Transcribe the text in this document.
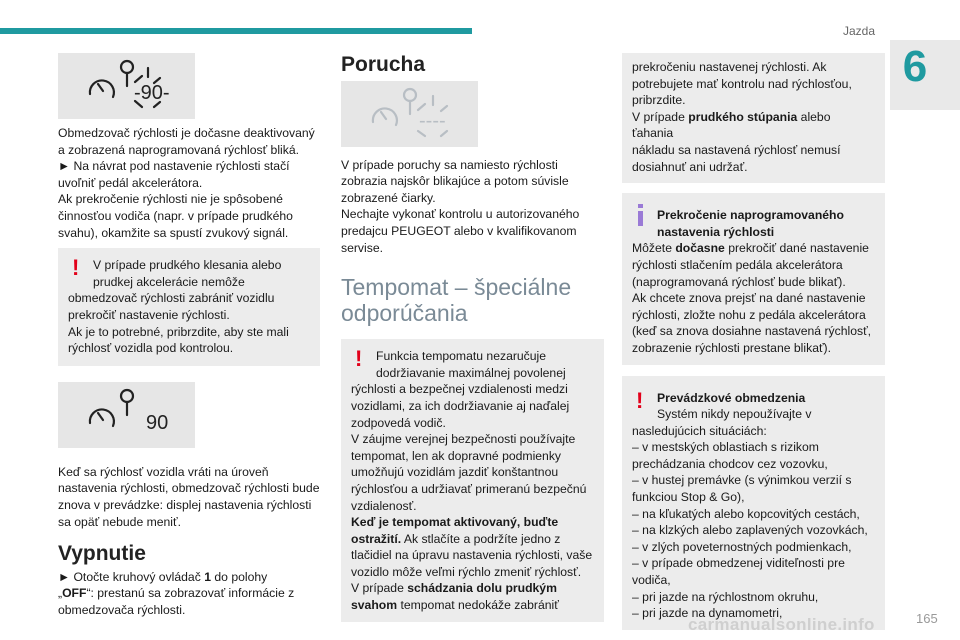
Jazda
6
-90-

Obmedzovač rýchlosti je dočasne deaktivovaný

a zobrazená naprogramovaná rýchlosť bliká.

► Na návrat pod nastavenie rýchlosti stačí

uvoľniť pedál akcelerátora.

Ak prekročenie rýchlosti nie je spôsobené

činnosťou vodiča (napr. v prípade prudkého

svahu), okamžite sa spustí zvukový signál.

!	V prípade prudkého klesania alebo

prudkej akcelerácie nemôže

obmedzovač rýchlosti zabrániť vozidlu

prekročiť nastavenie rýchlosti.

Ak je to potrebné, pribrzdite, aby ste mali

rýchlosť vozidla pod kontrolou.

90

Keď sa rýchlosť vozidla vráti na úroveň

nastavenia rýchlosti, obmedzovač rýchlosti bude

znova v prevádzke: displej nastavenia rýchlosti

sa opäť nebude meniť.

Vypnutie

► Otočte kruhový ovládač 1 do polohy

„OFF“: prestanú sa zobrazovať informácie z

obmedzovača rýchlosti.

Porucha
----

V prípade poruchy sa namiesto rýchlosti

zobrazia najskôr blikajúce a potom súvisle

zobrazené čiarky.

Nechajte vykonať kontrolu u autorizovaného

predajcu PEUGEOT alebo v kvalifikovanom

servise.

Tempomat – špeciálne
odporúčania
!	Funkcia tempomatu nezaručuje

dodržiavanie maximálnej povolenej

rýchlosti a bezpečnej vzdialenosti medzi

vozidlami, za ich dodržiavanie aj naďalej

zodpovedá vodič.

V záujme verejnej bezpečnosti používajte

tempomat, len ak dopravné podmienky

umožňujú vozidlám jazdiť konštantnou

rýchlosťou a udržiavať primeranú bezpečnú

vzdialenosť.

Keď je tempomat aktivovaný, buďte

ostražití. Ak stlačíte a podržíte jedno z

tlačidiel na úpravu nastavenia rýchlosti, vaše

vozidlo môže veľmi rýchlo zmeniť rýchlosť.

V prípade schádzania dolu prudkým

svahom tempomat nedokáže zabrániť

prekročeniu nastavenej rýchlosti. Ak

potrebujete mať kontrolu nad rýchlosťou,

pribrzdite.

V prípade prudkého stúpania alebo ťahania

nákladu sa nastavená rýchlosť nemusí

dosiahnuť ani udržať.

Prekročenie naprogramovaného

nastavenia rýchlosti

Môžete dočasne prekročiť dané nastavenie

rýchlosti stlačením pedála akcelerátora

(naprogramovaná rýchlosť bude blikať).

Ak chcete znova prejsť na dané nastavenie

rýchlosti, zložte nohu z pedála akcelerátora

(keď sa znova dosiahne nastavená rýchlosť,

zobrazenie rýchlosti prestane blikať).

!	Prevádzkové obmedzenia

Systém nikdy nepoužívajte v

nasledujúcich situáciách:

– v mestských oblastiach s rizikom

prechádzania chodcov cez vozovku,

– v hustej premávke (s výnimkou verzií s

funkciou Stop & Go),

– na kľukatých alebo kopcovitých cestách,

– na klzkých alebo zaplavených vozovkách,

– v zlých poveternostných podmienkach,

– v prípade obmedzenej viditeľnosti pre

vodiča,

– pri jazde na rýchlostnom okruhu,

– pri jazde na dynamometri,

carmanualsonline.info	165
